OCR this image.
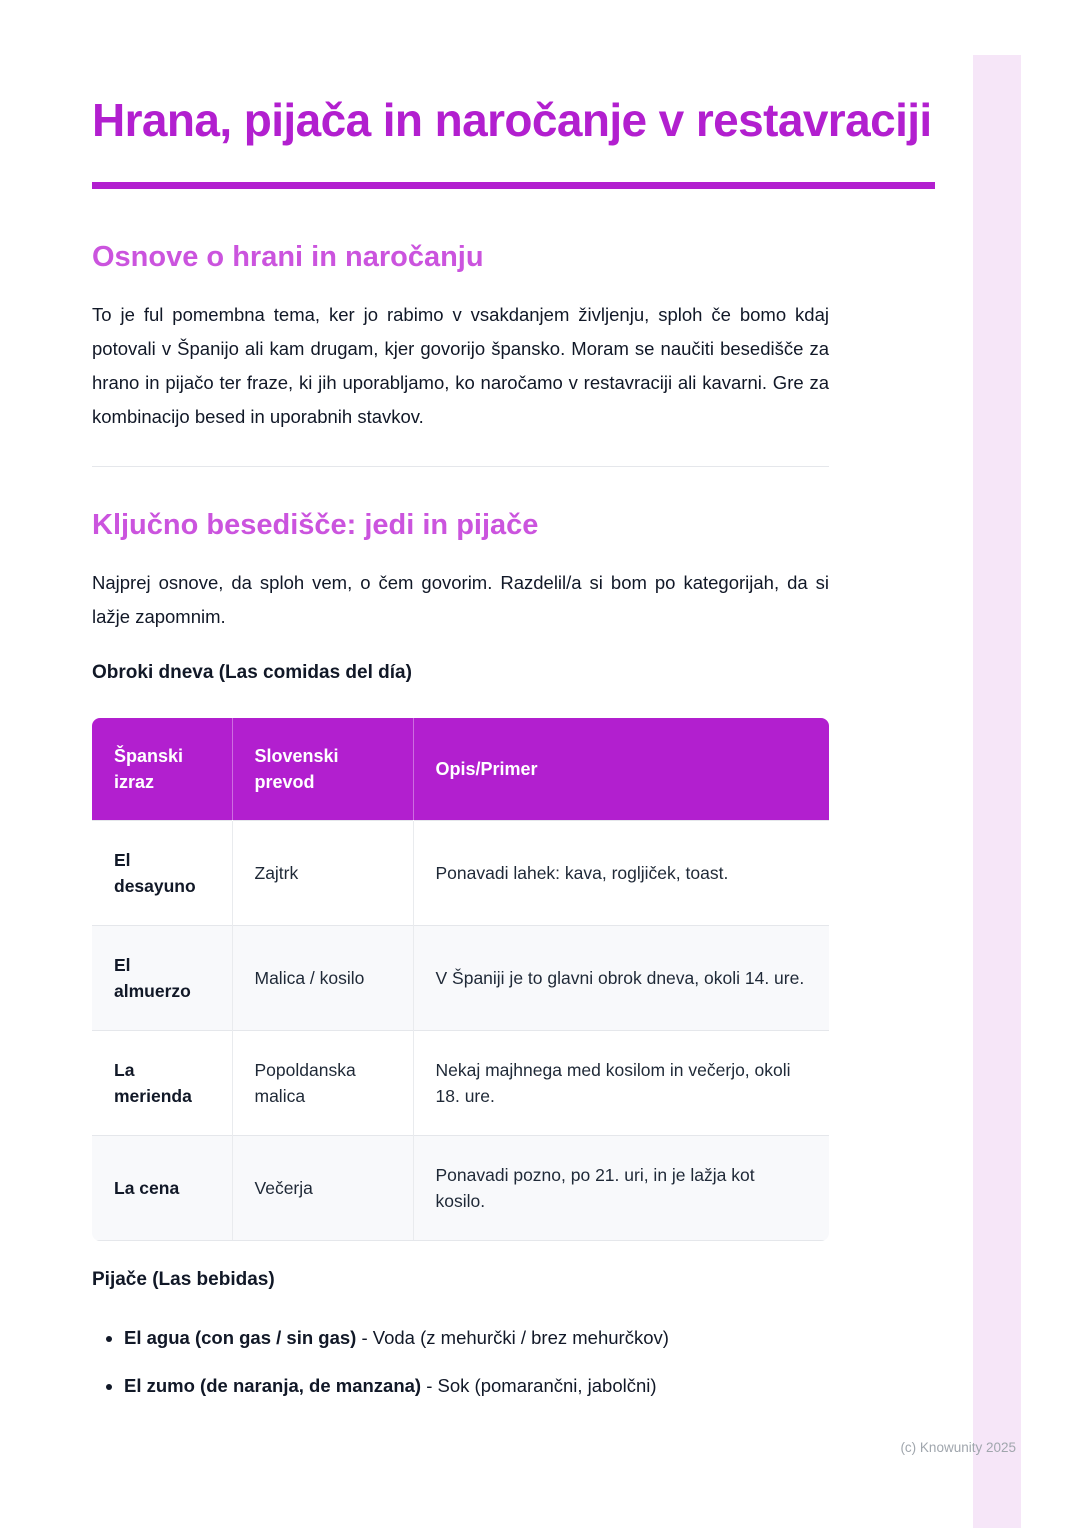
Hrana, pijača in naročanje v restavraciji
Osnove o hrani in naročanju

To je ful pomembna tema, ker jo rabimo v vsakdanjem življenju, sploh če bomo kdaj potovali v Španijo ali kam drugam, kjer govorijo špansko. Moram se naučiti besedišče za hrano in pijačo ter fraze, ki jih uporabljamo, ko naročamo v restavraciji ali kavarni. Gre za kombinacijo besed in uporabnih stavkov.

Ključno besedišče: jedi in pijače

Najprej osnove, da sploh vem, o čem govorim. Razdelil/a si bom po kategorijah, da si lažje zapomnim.

Obroki dneva (Las comidas del día)
Španski izraz	Slovenski prevod	Opis/Primer
El desayuno	Zajtrk	Ponavadi lahek: kava, rogljiček, toast.
El almuerzo	Malica / kosilo	V Španiji je to glavni obrok dneva, okoli 14. ure.
La merienda	Popoldanska malica	Nekaj majhnega med kosilom in večerjo, okoli 18. ure.
La cena	Večerja	Ponavadi pozno, po 21. uri, in je lažja kot kosilo.
Pijače (Las bebidas)
• El agua (con gas / sin gas) - Voda (z mehurčki / brez mehurčkov)
• El zumo (de naranja, de manzana) - Sok (pomarančni, jabolčni)
(c) Knowunity 2025
